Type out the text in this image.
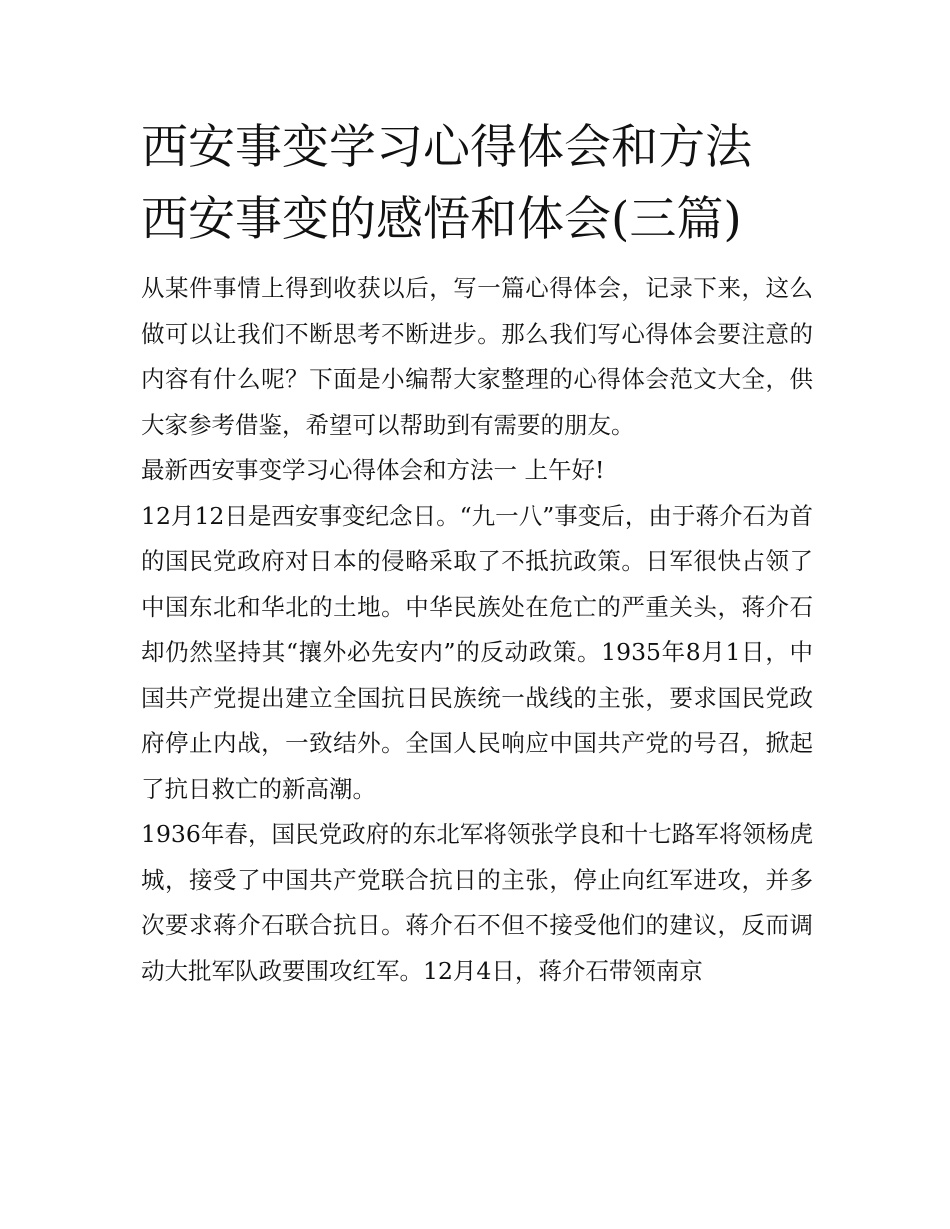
西安事变学习心得体会和方法
西安事变的感悟和体会(三篇)

从某件事情上得到收获以后，写一篇心得体会，记录下来，这么做可以让我们不断思考不断进步。那么我们写心得体会要注意的内容有什么呢？下面是小编帮大家整理的心得体会范文大全，供大家参考借鉴，希望可以帮助到有需要的朋友。

最新西安事变学习心得体会和方法一 上午好!

12月12日是西安事变纪念日。“九一八”事变后，由于蒋介石为首的国民党政府对日本的侵略采取了不抵抗政策。日军很快占领了中国东北和华北的土地。中华民族处在危亡的严重关头，蒋介石却仍然坚持其“攘外必先安内”的反动政策。1935年8月1日，中国共产党提出建立全国抗日民族统一战线的主张，要求国民党政府停止内战，一致结外。全国人民响应中国共产党的号召，掀起了抗日救亡的新高潮。

1936年春，国民党政府的东北军将领张学良和十七路军将领杨虎城，接受了中国共产党联合抗日的主张，停止向红军进攻，并多次要求蒋介石联合抗日。蒋介石不但不接受他们的建议，反而调动大批军队政要围攻红军。12月4日，蒋介石带领南京
